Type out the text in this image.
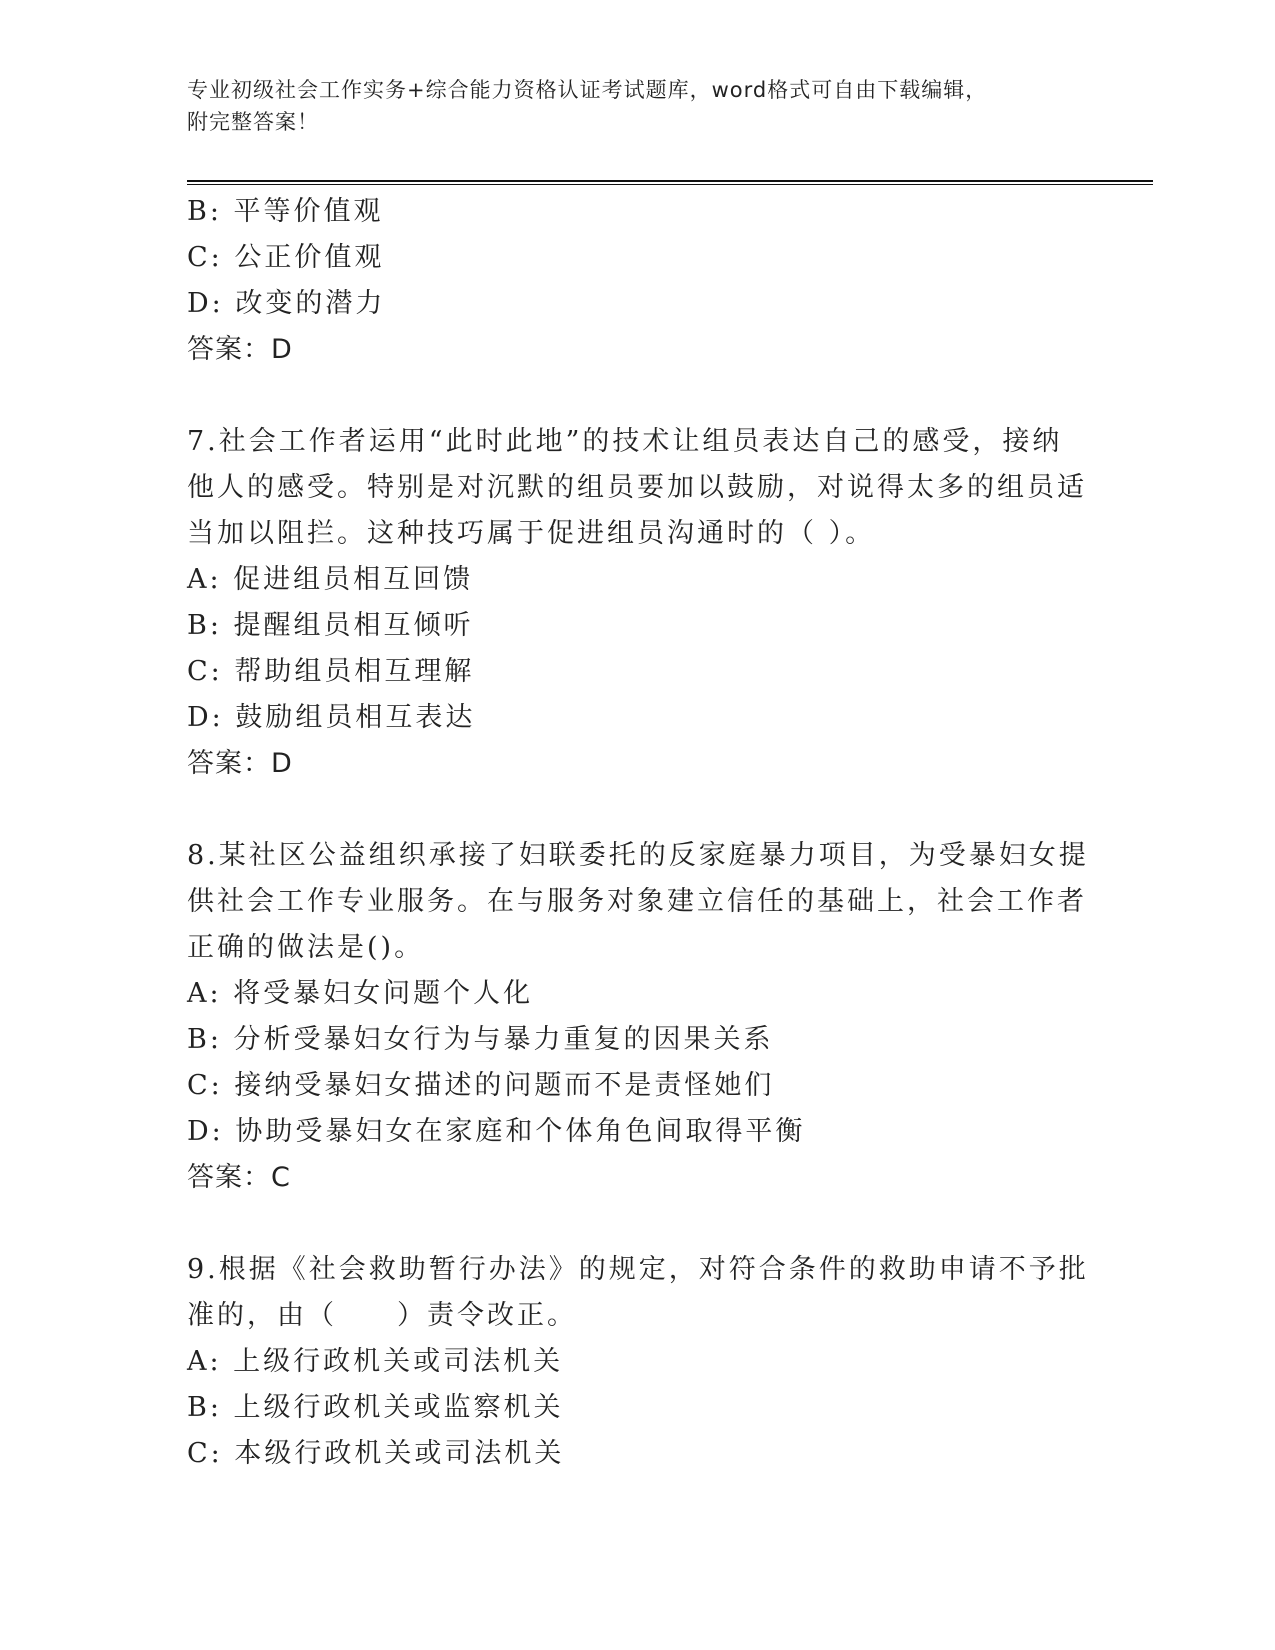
专业初级社会工作实务+综合能力资格认证考试题库，word格式可自由下载编辑，
附完整答案！
B: 平等价值观
C: 公正价值观
D: 改变的潜力
答案：D
7.社会工作者运用“此时此地”的技术让组员表达自己的感受，接纳
他人的感受。特别是对沉默的组员要加以鼓励，对说得太多的组员适
当加以阻拦。这种技巧属于促进组员沟通时的（ ）。
A: 促进组员相互回馈
B: 提醒组员相互倾听
C: 帮助组员相互理解
D: 鼓励组员相互表达
答案：D
8.某社区公益组织承接了妇联委托的反家庭暴力项目，为受暴妇女提
供社会工作专业服务。在与服务对象建立信任的基础上，社会工作者
正确的做法是()。
A: 将受暴妇女问题个人化
B: 分析受暴妇女行为与暴力重复的因果关系
C: 接纳受暴妇女描述的问题而不是责怪她们
D: 协助受暴妇女在家庭和个体角色间取得平衡
答案：C
9.根据《社会救助暂行办法》的规定，对符合条件的救助申请不予批
准的，由（　　）责令改正。
A: 上级行政机关或司法机关
B: 上级行政机关或监察机关
C: 本级行政机关或司法机关
